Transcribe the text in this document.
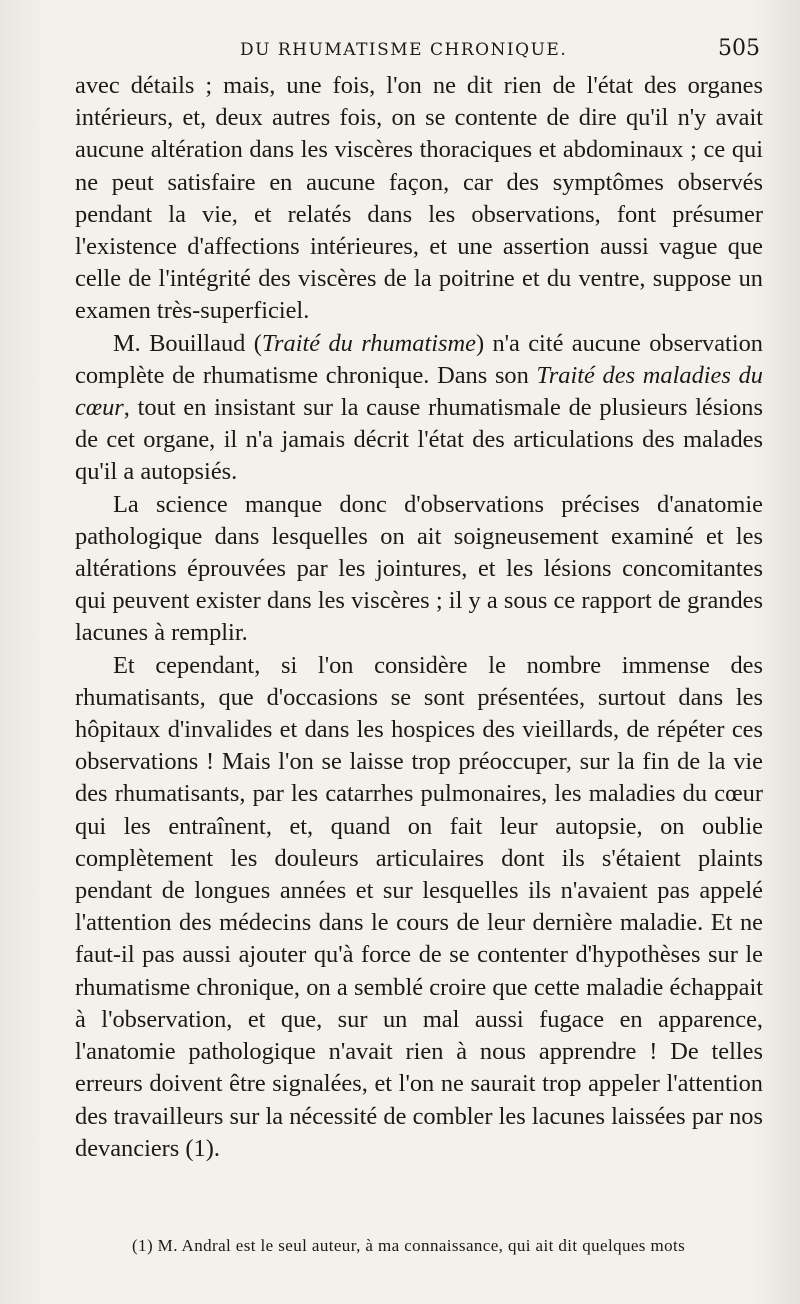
DU RHUMATISME CHRONIQUE.	505

avec détails ; mais, une fois, l'on ne dit rien de l'état des organes intérieurs, et, deux autres fois, on se contente de dire qu'il n'y avait aucune altération dans les viscères thoraciques et abdominaux ; ce qui ne peut satisfaire en aucune façon, car des symptômes observés pendant la vie, et relatés dans les observations, font présumer l'existence d'affections intérieures, et une assertion aussi vague que celle de l'intégrité des viscères de la poitrine et du ventre, suppose un examen très-superficiel.

M. Bouillaud (Traité du rhumatisme) n'a cité aucune observation complète de rhumatisme chronique. Dans son Traité des maladies du cœur, tout en insistant sur la cause rhumatismale de plusieurs lésions de cet organe, il n'a jamais décrit l'état des articulations des malades qu'il a autopsiés.

La science manque donc d'observations précises d'anatomie pathologique dans lesquelles on ait soigneusement examiné et les altérations éprouvées par les jointures, et les lésions concomitantes qui peuvent exister dans les viscères ; il y a sous ce rapport de grandes lacunes à remplir.

Et cependant, si l'on considère le nombre immense des rhumatisants, que d'occasions se sont présentées, surtout dans les hôpitaux d'invalides et dans les hospices des vieillards, de répéter ces observations ! Mais l'on se laisse trop préoccuper, sur la fin de la vie des rhumatisants, par les catarrhes pulmonaires, les maladies du cœur qui les entraînent, et, quand on fait leur autopsie, on oublie complètement les douleurs articulaires dont ils s'étaient plaints pendant de longues années et sur lesquelles ils n'avaient pas appelé l'attention des médecins dans le cours de leur dernière maladie. Et ne faut-il pas aussi ajouter qu'à force de se contenter d'hypothèses sur le rhumatisme chronique, on a semblé croire que cette maladie échappait à l'observation, et que, sur un mal aussi fugace en apparence, l'anatomie pathologique n'avait rien à nous apprendre ! De telles erreurs doivent être signalées, et l'on ne saurait trop appeler l'attention des travailleurs sur la nécessité de combler les lacunes laissées par nos devanciers (1).

(1) M. Andral est le seul auteur, à ma connaissance, qui ait dit quelques mots
